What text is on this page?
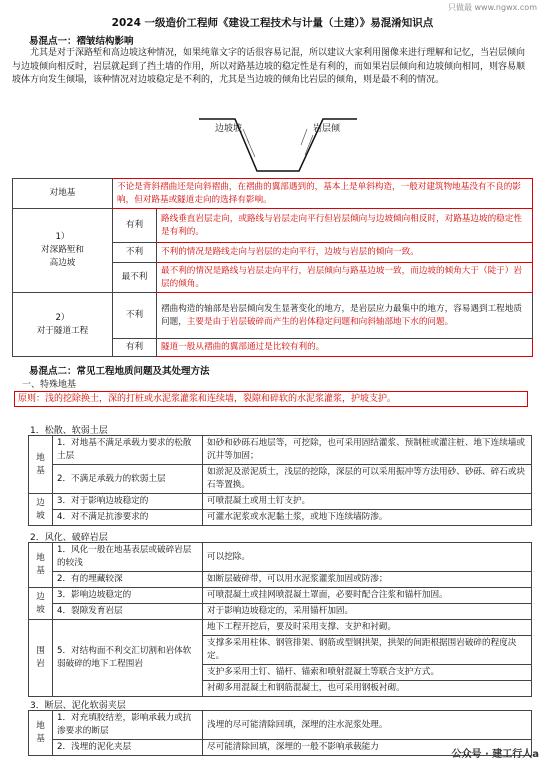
只做最 www.ngwx.com
2024 一级造价工程师《建设工程技术与计量（土建）》易混淆知识点
易混点一：褶皱结构影响

尤其是对于深路堑和高边坡这种情况，如果纯靠文字的话很容易记混，所以建议大家利用图像来进行理解和记忆，当岩层倾向与边坡倾向相反时，岩层就起到了挡土墙的作用，所以对路基边坡的稳定性是有利的，而如果岩层倾向和边坡倾向相同，则容易顺坡体方向发生倾塌，该种情况对边坡稳定是不利的，尤其是当边坡的倾角比岩层的倾角，则是最不利的情况。

边坡坡	岩层倾
对地基	不论是背斜褶曲还是向斜褶曲，在褶曲的翼部遇到的，基本上是单斜构造，一般对建筑物地基没有不良的影响，但对路基或隧道走向的选择有影响。	
1）
对深路堑和
高边坡	有利	路线垂直岩层走向，或路线与岩层走向平行但岩层倾向与边坡倾向相反时，对路基边坡的稳定性是有利的。
	不利	不利的情况是路线走向与岩层的走向平行，边坡与岩层的倾向一致。
	最不利	最不利的情况是路线与岩层走向平行，岩层倾向与路基边坡一致，而边坡的倾角大于（陡于）岩层的倾角。
2）
对于隧道工程	不利	褶曲构造的轴部是岩层倾向发生显著变化的地方，是岩层应力最集中的地方，容易遇到工程地质问题，主要是由于岩层破碎而产生的岩体稳定问题和向斜轴部地下水的问题。
	有利	隧道一般从褶曲的翼部通过是比较有利的。
易混点二：常见工程地质问题及其处理方法
一、特殊地基
原则：浅的挖除换土，深的打桩或水泥浆灌浆和连续墙，裂隙和碎软的水泥浆灌浆，护坡支护。
1．松散、软弱土层
地基	1．对地基不满足承载力要求的松散土层	如砂和砂砾石地层等，可挖除，也可采用固结灌浆、预制桩或灌注桩、地下连续墙或沉井等加固；
	2．不满足承载力的软弱土层	如淤泥及淤泥质土，浅层的挖除，深层的可以采用振冲等方法用砂、砂砾、碎石或块石等置换。
边坡	3．对于影响边坡稳定的	可喷混凝土或用土钉支护。
	4．对不满足抗渗要求的	可灌水泥浆或水泥黏土浆，或地下连续墙防渗。
2．风化、破碎岩层
地基	1．风化一般在地基表层或破碎岩层的较浅	可以挖除。
	2．有的埋藏较深	如断层破碎带，可以用水泥浆灌浆加固或防渗；
边坡	3．影响边坡稳定的	可喷混凝土或挂网喷混凝土罩面，必要时配合注浆和锚杆加固。
	4．裂隙发育岩层	对于影响边坡稳定的，采用锚杆加固。
围岩	5．对结构面不利交汇切割和岩体软弱破碎的地下工程围岩	地下工程开挖后，要及时采用支撑、支护和衬砌。
		支撑多采用柱体、钢管排架、钢筋或型钢拱架，拱架的间距根据围岩破碎的程度决定。
		支护多采用土钉、锚杆、锚索和喷射混凝土等联合支护方式。
		衬砌多用混凝土和钢筋混凝土，也可采用钢板衬砌。
3．断层、泥化软弱夹层
地基	1．对充填胶结差，影响承载力或抗渗要求的断层	浅埋的尽可能清除回填，深埋的注水泥浆处理。
	2．浅埋的泥化夹层	尽可能清除回填，深埋的一般不影响承载能力
公众号 · 建工行人a
